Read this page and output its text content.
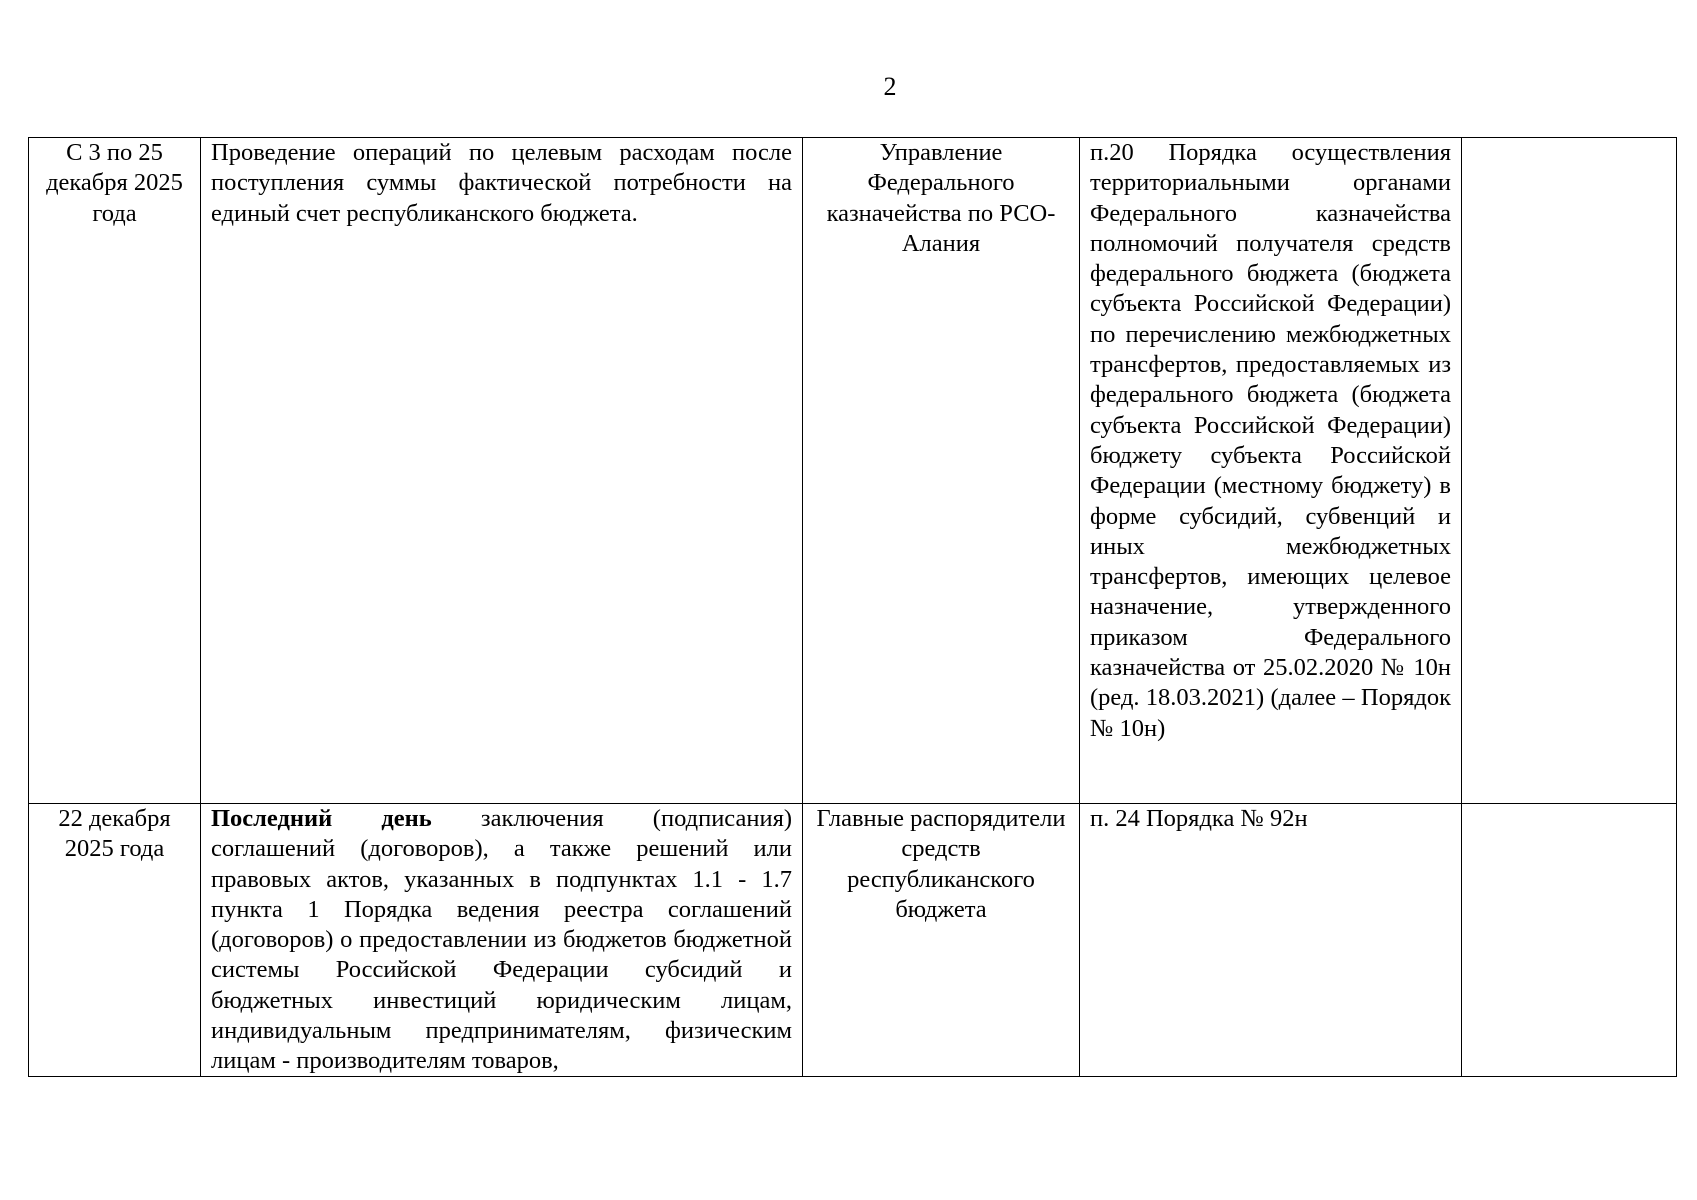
2
С 3 по 25 декабря 2025 года	Проведение операций по целевым расходам после поступления суммы фактической потребности на единый счет республиканского бюджета.	Управление Федерального казначейства по РСО-Алания	п.20 Порядка осуществления территориальными органами Федерального казначейства полномочий получателя средств федерального бюджета (бюджета субъекта Российской Федерации) по перечислению межбюджетных трансфертов, предоставляемых из федерального бюджета (бюджета субъекта Российской Федерации) бюджету субъекта Российской Федерации (местному бюджету) в форме субсидий, субвенций и иных межбюджетных трансфертов, имеющих целевое назначение, утвержденного приказом Федерального казначейства от 25.02.2020 № 10н (ред. 18.03.2021) (далее – Порядок № 10н)	
22 декабря 2025 года	Последний день заключения (подписания) соглашений (договоров), а также решений или правовых актов, указанных в подпунктах 1.1 - 1.7 пункта 1 Порядка ведения реестра соглашений (договоров) о предоставлении из бюджетов бюджетной системы Российской Федерации субсидий и бюджетных инвестиций юридическим лицам, индивидуальным предпринимателям, физическим лицам - производителям товаров,	Главные распорядители средств республиканского бюджета	п. 24 Порядка № 92н	
